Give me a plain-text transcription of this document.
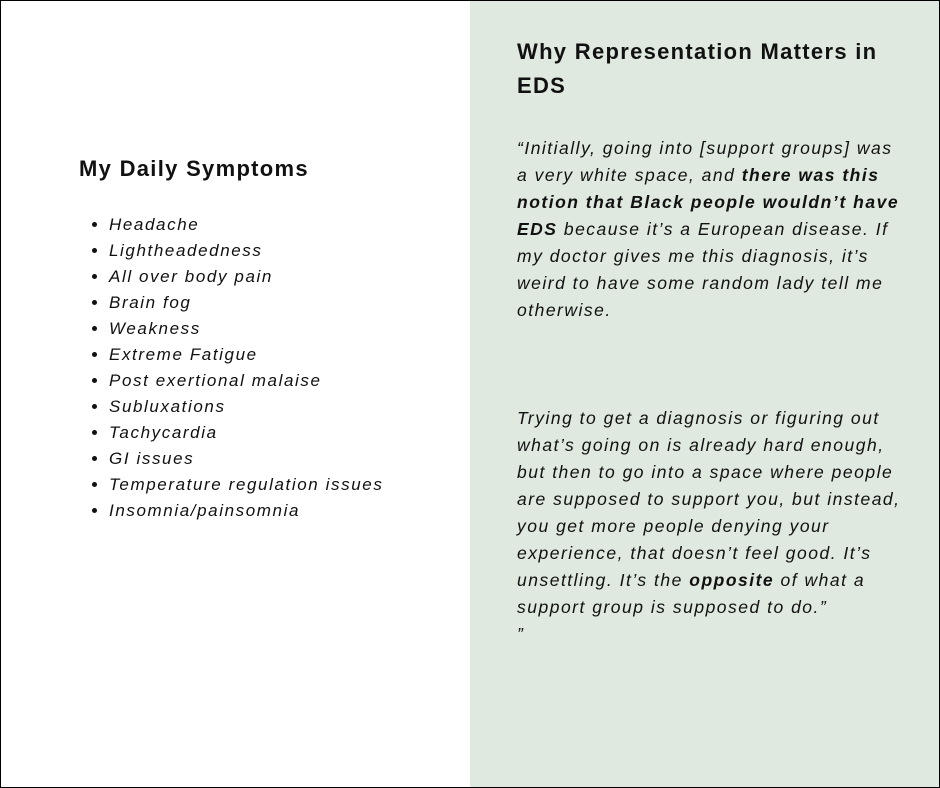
My Daily Symptoms
• Headache
• Lightheadedness
• All over body pain
• Brain fog
• Weakness
• Extreme Fatigue
• Post exertional malaise
• Subluxations
• Tachycardia
• GI issues
• Temperature regulation issues
• Insomnia/painsomnia
Why Representation Matters in EDS

“Initially, going into [support groups] was a very white space, and there was this notion that Black people wouldn’t have EDS because it’s a European disease. If my doctor gives me this diagnosis, it’s weird to have some random lady tell me otherwise.

Trying to get a diagnosis or figuring out what’s going on is already hard enough, but then to go into a space where people are supposed to support you, but instead, you get more people denying your experience, that doesn’t feel good. It’s unsettling. It’s the opposite of what a support group is supposed to do.”
”
